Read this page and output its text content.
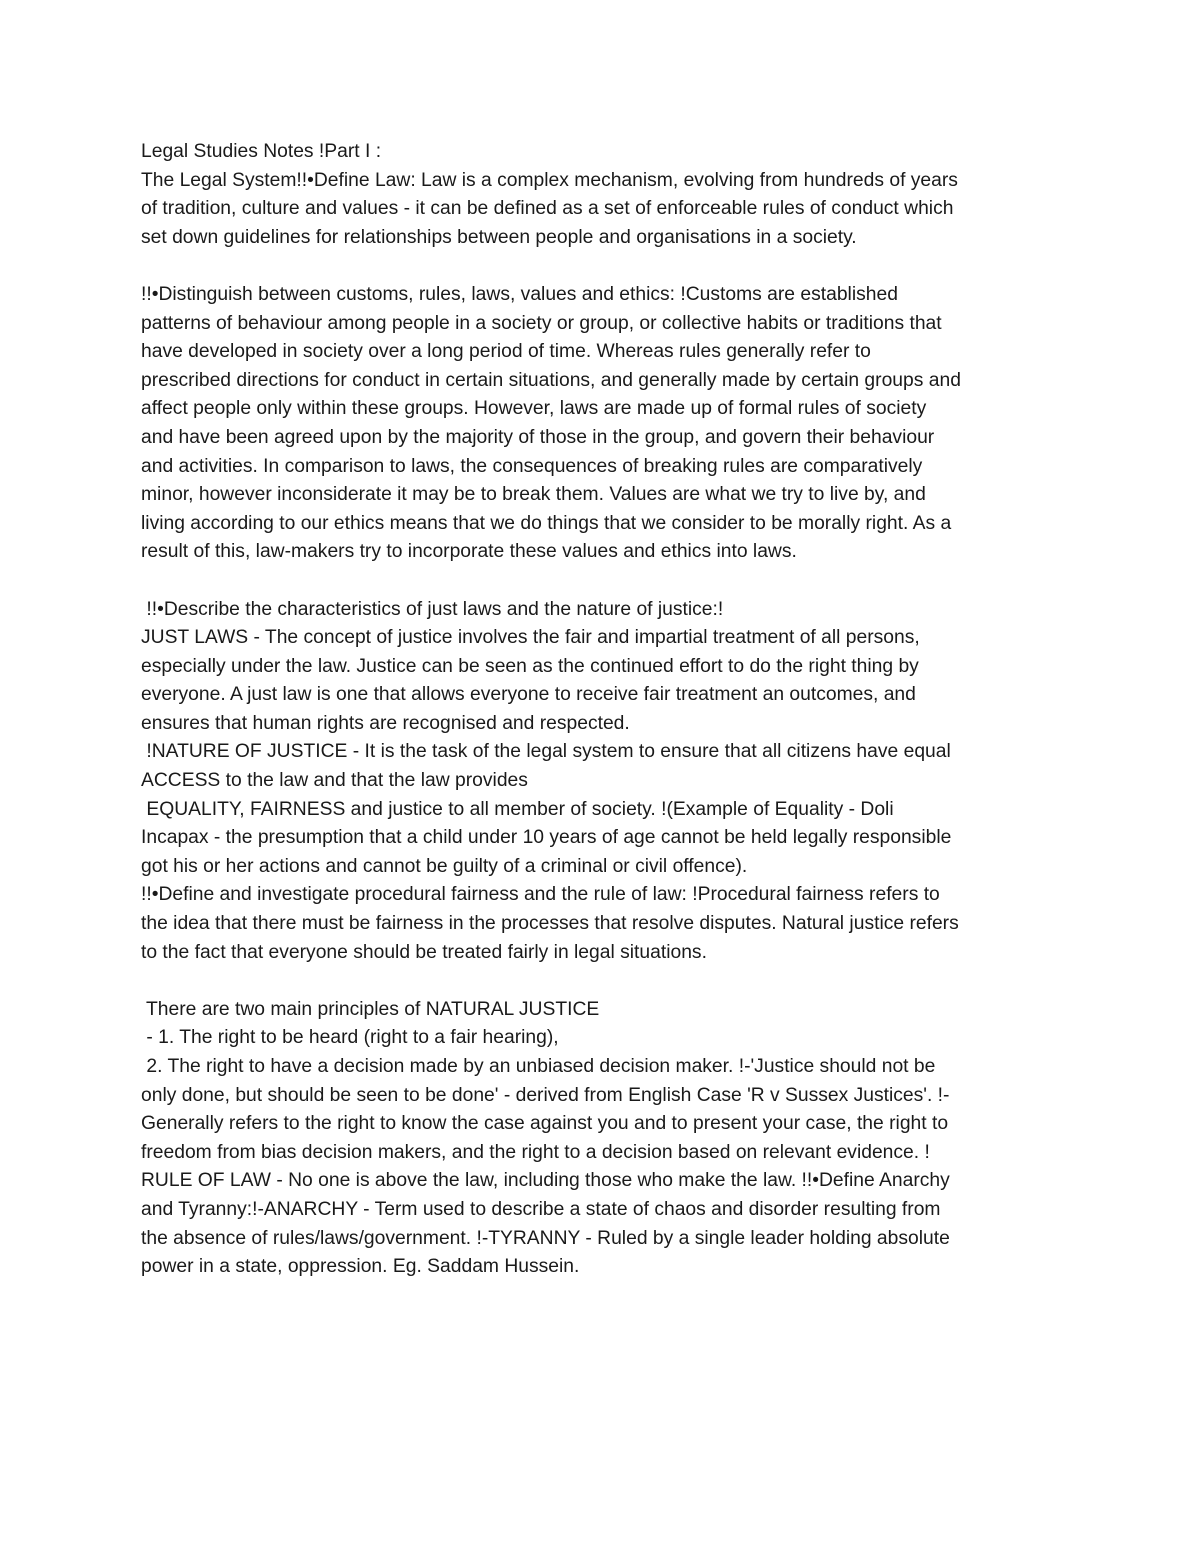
Legal Studies Notes !Part I :
The Legal System!!•Define Law: Law is a complex mechanism, evolving from hundreds of years
of tradition, culture and values - it can be defined as a set of enforceable rules of conduct which
set down guidelines for relationships between people and organisations in a society.
!!•Distinguish between customs, rules, laws, values and ethics: !Customs are established
patterns of behaviour among people in a society or group, or collective habits or traditions that
have developed in society over a long period of time. Whereas rules generally refer to
prescribed directions for conduct in certain situations, and generally made by certain groups and
affect people only within these groups. However, laws are made up of formal rules of society
and have been agreed upon by the majority of those in the group, and govern their behaviour
and activities. In comparison to laws, the consequences of breaking rules are comparatively
minor, however inconsiderate it may be to break them. Values are what we try to live by, and
living according to our ethics means that we do things that we consider to be morally right. As a
result of this, law-makers try to incorporate these values and ethics into laws.
!!•Describe the characteristics of just laws and the nature of justice:!
JUST LAWS - The concept of justice involves the fair and impartial treatment of all persons,
especially under the law. Justice can be seen as the continued effort to do the right thing by
everyone. A just law is one that allows everyone to receive fair treatment an outcomes, and
ensures that human rights are recognised and respected.
!NATURE OF JUSTICE - It is the task of the legal system to ensure that all citizens have equal
ACCESS to the law and that the law provides
EQUALITY, FAIRNESS and justice to all member of society. !(Example of Equality - Doli
Incapax - the presumption that a child under 10 years of age cannot be held legally responsible
got his or her actions and cannot be guilty of a criminal or civil offence).
!!•Define and investigate procedural fairness and the rule of law: !Procedural fairness refers to
the idea that there must be fairness in the processes that resolve disputes. Natural justice refers
to the fact that everyone should be treated fairly in legal situations.
There are two main principles of NATURAL JUSTICE
- 1. The right to be heard (right to a fair hearing),
2. The right to have a decision made by an unbiased decision maker. !-'Justice should not be
only done, but should be seen to be done' - derived from English Case 'R v Sussex Justices'. !-
Generally refers to the right to know the case against you and to present your case, the right to
freedom from bias decision makers, and the right to a decision based on relevant evidence. !
RULE OF LAW - No one is above the law, including those who make the law. !!•Define Anarchy
and Tyranny:!-ANARCHY - Term used to describe a state of chaos and disorder resulting from
the absence of rules/laws/government. !-TYRANNY - Ruled by a single leader holding absolute
power in a state, oppression. Eg. Saddam Hussein.
